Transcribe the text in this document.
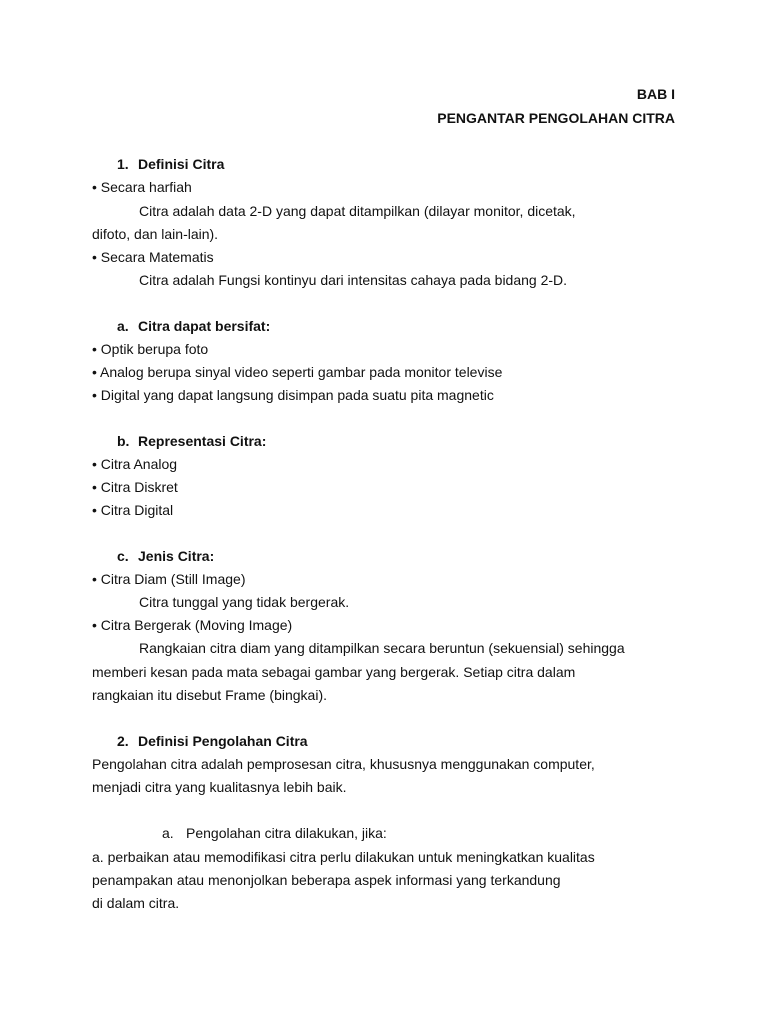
BAB I
PENGANTAR PENGOLAHAN CITRA
1. Definisi Citra
• Secara harfiah
Citra adalah data 2-D yang dapat ditampilkan (dilayar monitor, dicetak,
difoto, dan lain-lain).
• Secara Matematis
Citra adalah Fungsi kontinyu dari intensitas cahaya pada bidang 2-D.
a. Citra dapat bersifat:
• Optik berupa foto
• Analog berupa sinyal video seperti gambar pada monitor televise
• Digital yang dapat langsung disimpan pada suatu pita magnetic
b. Representasi Citra:
• Citra Analog
• Citra Diskret
• Citra Digital
c. Jenis Citra:
• Citra Diam (Still Image)
Citra tunggal yang tidak bergerak.
• Citra Bergerak (Moving Image)
Rangkaian citra diam yang ditampilkan secara beruntun (sekuensial) sehingga
memberi kesan pada mata sebagai gambar yang bergerak. Setiap citra dalam
rangkaian itu disebut Frame (bingkai).
2. Definisi Pengolahan Citra
Pengolahan citra adalah pemprosesan citra, khususnya menggunakan computer,
menjadi citra yang kualitasnya lebih baik.
a. Pengolahan citra dilakukan, jika:
a. perbaikan atau memodifikasi citra perlu dilakukan untuk meningkatkan kualitas
penampakan atau menonjolkan beberapa aspek informasi yang terkandung
di dalam citra.
